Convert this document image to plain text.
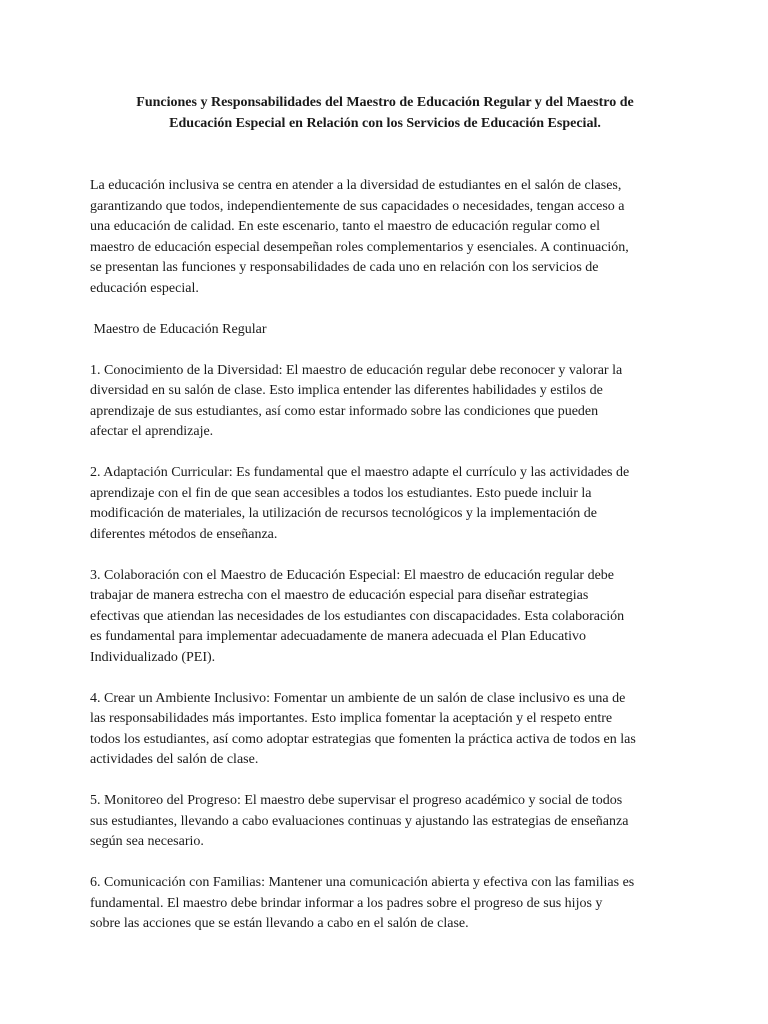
Funciones y Responsabilidades del Maestro de Educación Regular y del Maestro de
Educación Especial en Relación con los Servicios de Educación Especial.

La educación inclusiva se centra en atender a la diversidad de estudiantes en el salón de clases,
garantizando que todos, independientemente de sus capacidades o necesidades, tengan acceso a
una educación de calidad. En este escenario, tanto el maestro de educación regular como el
maestro de educación especial desempeñan roles complementarios y esenciales. A continuación,
se presentan las funciones y responsabilidades de cada uno en relación con los servicios de
educación especial.

Maestro de Educación Regular

1. Conocimiento de la Diversidad: El maestro de educación regular debe reconocer y valorar la
diversidad en su salón de clase. Esto implica entender las diferentes habilidades y estilos de
aprendizaje de sus estudiantes, así como estar informado sobre las condiciones que pueden
afectar el aprendizaje.

2. Adaptación Curricular: Es fundamental que el maestro adapte el currículo y las actividades de
aprendizaje con el fin de que sean accesibles a todos los estudiantes. Esto puede incluir la
modificación de materiales, la utilización de recursos tecnológicos y la implementación de
diferentes métodos de enseñanza.

3. Colaboración con el Maestro de Educación Especial: El maestro de educación regular debe
trabajar de manera estrecha con el maestro de educación especial para diseñar estrategias
efectivas que atiendan las necesidades de los estudiantes con discapacidades. Esta colaboración
es fundamental para implementar adecuadamente de manera adecuada el Plan Educativo
Individualizado (PEI).

4. Crear un Ambiente Inclusivo: Fomentar un ambiente de un salón de clase inclusivo es una de
las responsabilidades más importantes. Esto implica fomentar la aceptación y el respeto entre
todos los estudiantes, así como adoptar estrategias que fomenten la práctica activa de todos en las
actividades del salón de clase.

5. Monitoreo del Progreso: El maestro debe supervisar el progreso académico y social de todos
sus estudiantes, llevando a cabo evaluaciones continuas y ajustando las estrategias de enseñanza
según sea necesario.

6. Comunicación con Familias: Mantener una comunicación abierta y efectiva con las familias es
fundamental. El maestro debe brindar informar a los padres sobre el progreso de sus hijos y
sobre las acciones que se están llevando a cabo en el salón de clase.
